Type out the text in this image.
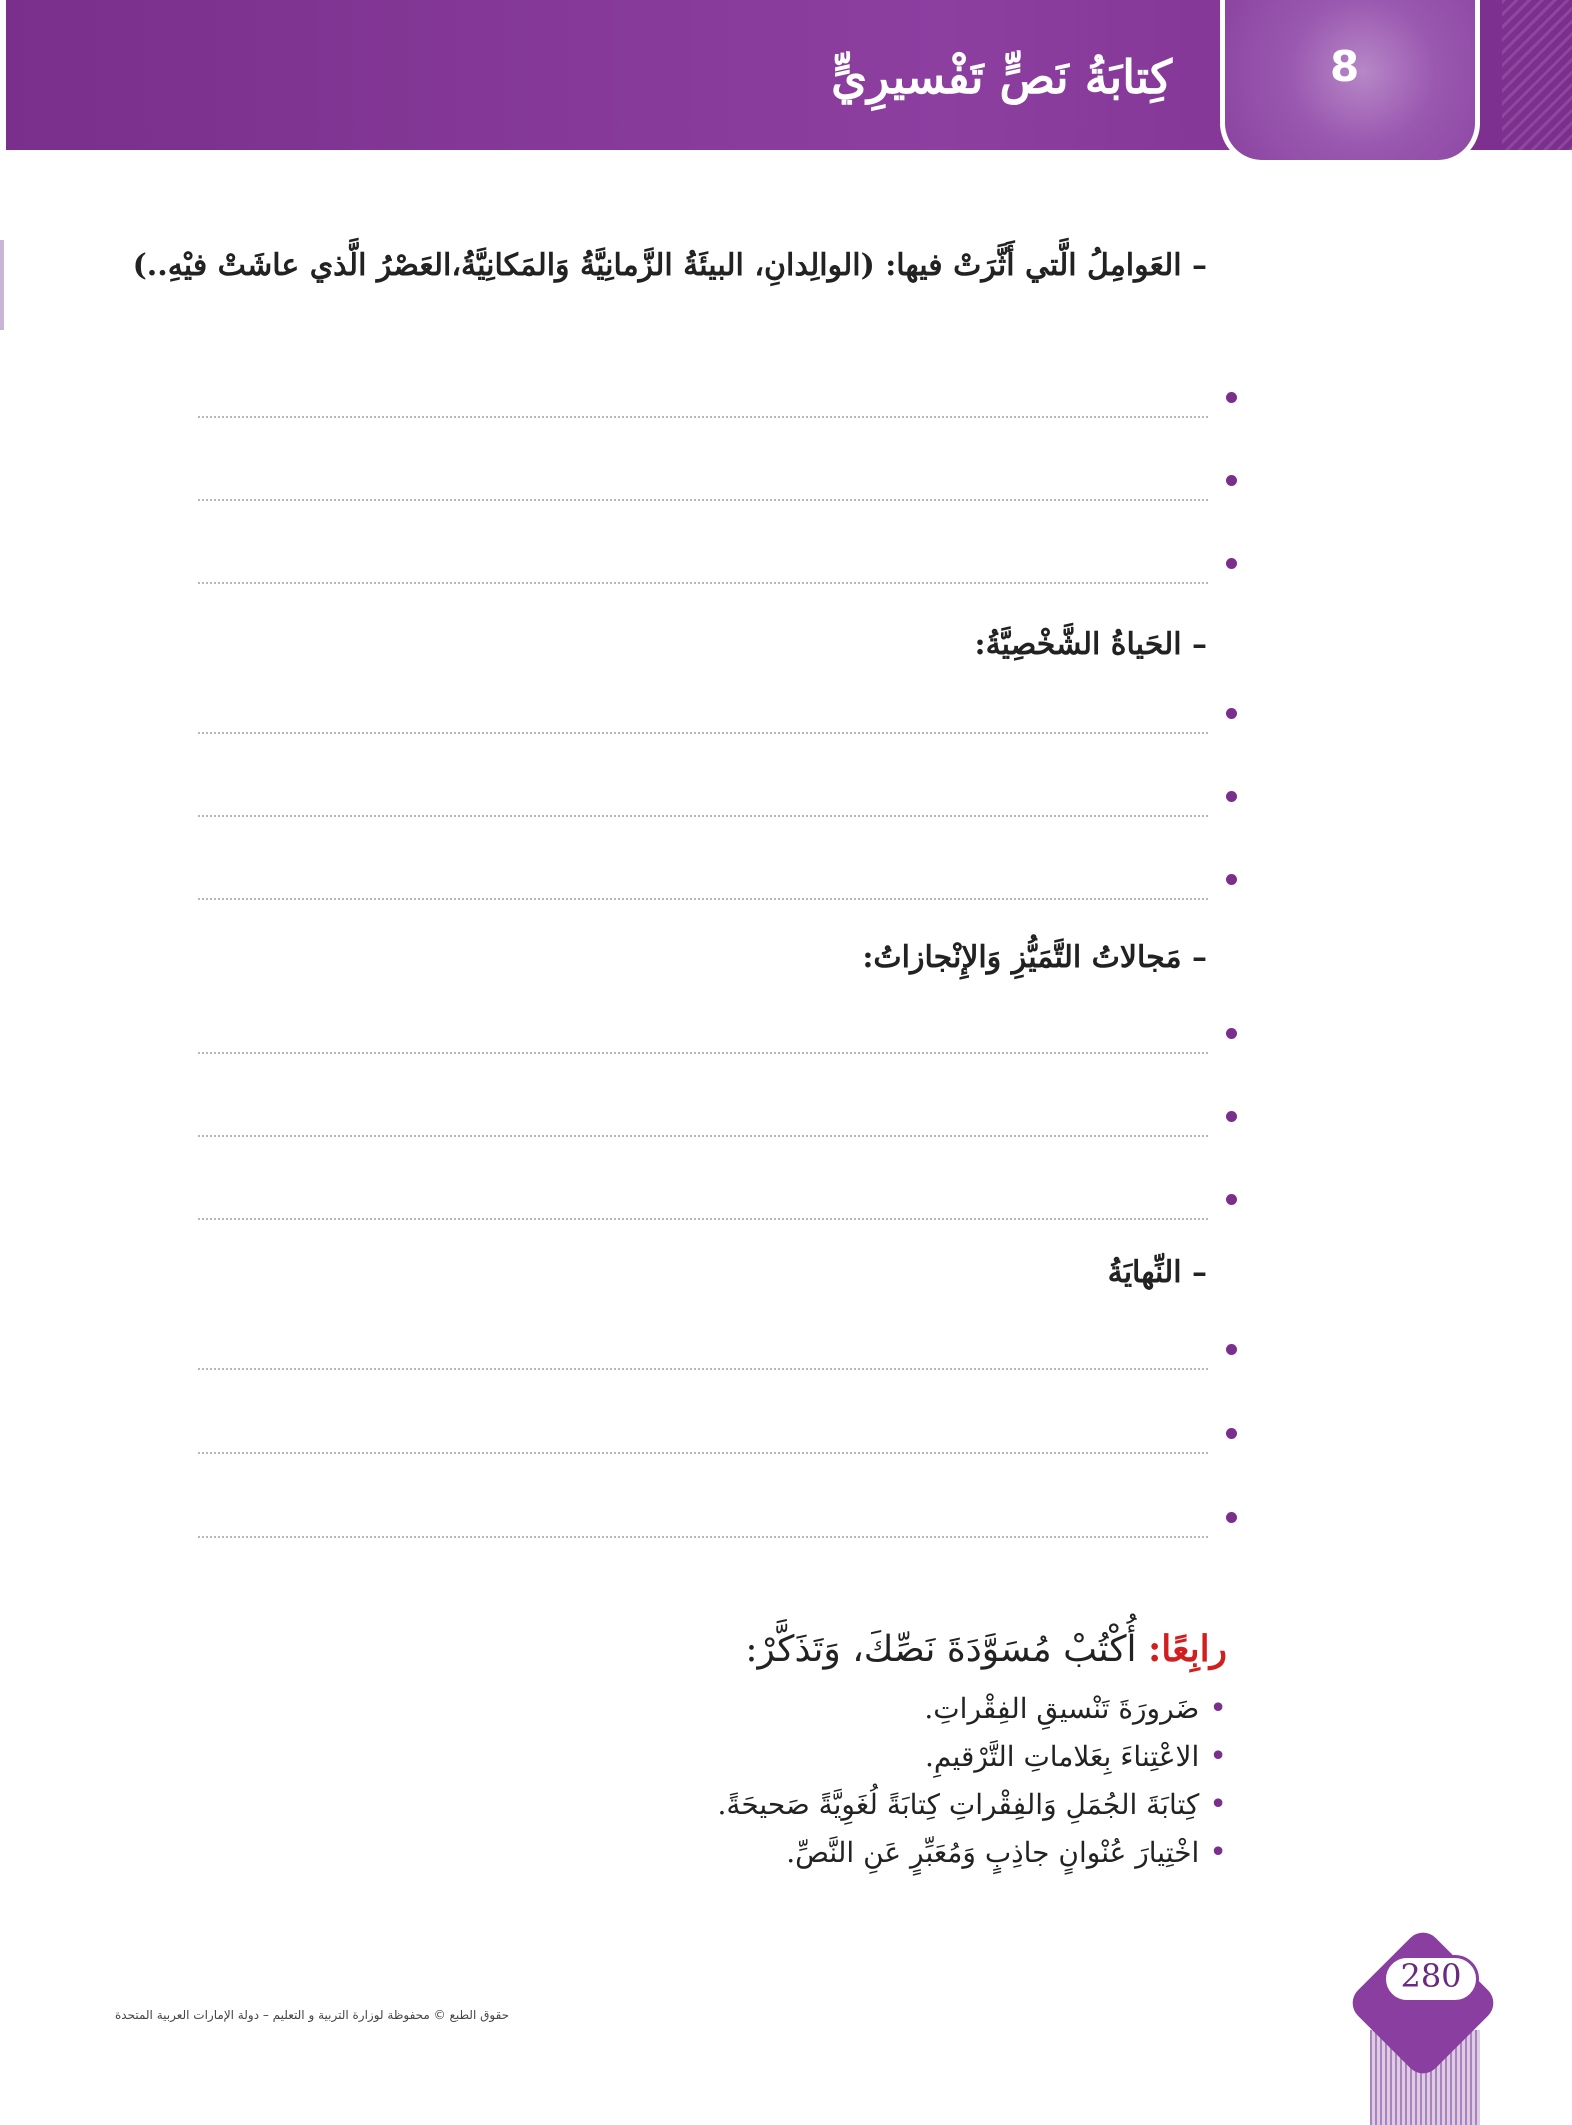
8
كِتابَةُ نَصٍّ تَفْسيرِيٍّ
– العَوامِلُ الَّتي أَثَّرَتْ فيها: (الوالِدانِ، البيئَةُ الزَّمانِيَّةُ وَالمَكانِيَّةُ،العَصْرُ الَّذي عاشَتْ فيْهِ..)
– الحَياةُ الشَّخْصِيَّةُ:
– مَجالاتُ التَّمَيُّزِ وَالإِنْجازاتُ:
– النِّهايَةُ
رابِعًا: أُكْتُبْ مُسَوَّدَةَ نَصِّكَ، وَتَذَكَّرْ:
• ضَرورَةَ تَنْسيقِ الفِقْراتِ.
• الاعْتِناءَ بِعَلاماتِ التَّرْقيمِ.
• كِتابَةَ الجُمَلِ وَالفِقْراتِ كِتابَةً لُغَوِيَّةً صَحيحَةً.
• اخْتِيارَ عُنْوانٍ جاذِبٍ وَمُعَبِّرٍ عَنِ النَّصِّ.
حقوق الطبع © محفوظة لوزارة التربية و التعليم – دولة الإمارات العربية المتحدة
280
